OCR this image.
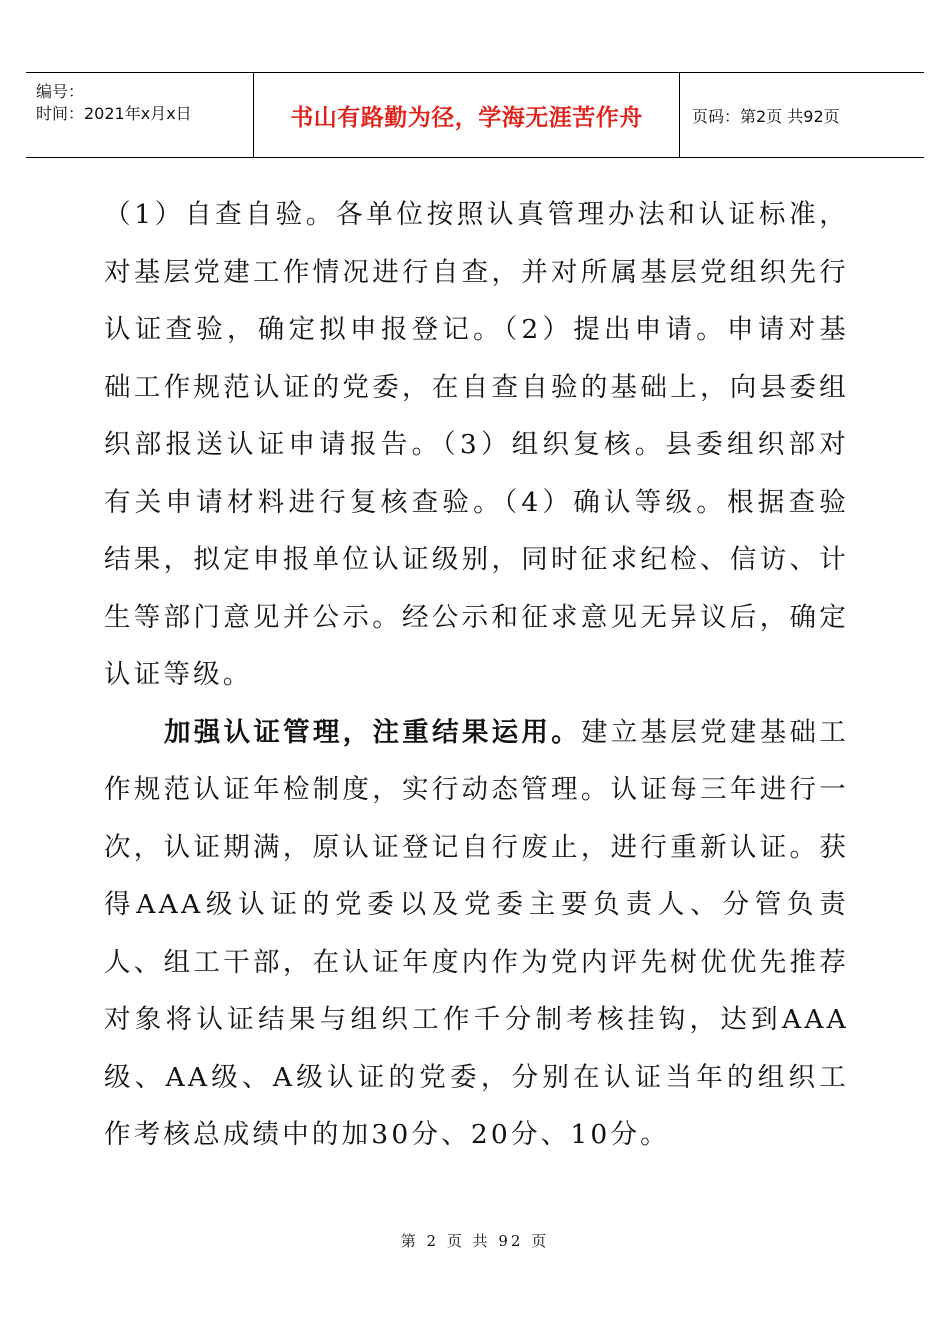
编号：
时间：2021年x月x日	书山有路勤为径，学海无涯苦作舟	页码：第2页 共92页

（1）自查自验。各单位按照认真管理办法和认证标准，对基层党建工作情况进行自查，并对所属基层党组织先行认证查验，确定拟申报登记。（2）提出申请。申请对基础工作规范认证的党委，在自查自验的基础上，向县委组织部报送认证申请报告。（3）组织复核。县委组织部对有关申请材料进行复核查验。（4）确认等级。根据查验结果，拟定申报单位认证级别，同时征求纪检、信访、计生等部门意见并公示。经公示和征求意见无异议后，确定认证等级。

加强认证管理，注重结果运用。建立基层党建基础工作规范认证年检制度，实行动态管理。认证每三年进行一次，认证期满，原认证登记自行废止，进行重新认证。获得AAA级认证的党委以及党委主要负责人、分管负责人、组工干部，在认证年度内作为党内评先树优优先推荐对象将认证结果与组织工作千分制考核挂钩，达到AAA级、AA级、A级认证的党委，分别在认证当年的组织工作考核总成绩中的加30分、20分、10分。

第 2 页 共 92 页
